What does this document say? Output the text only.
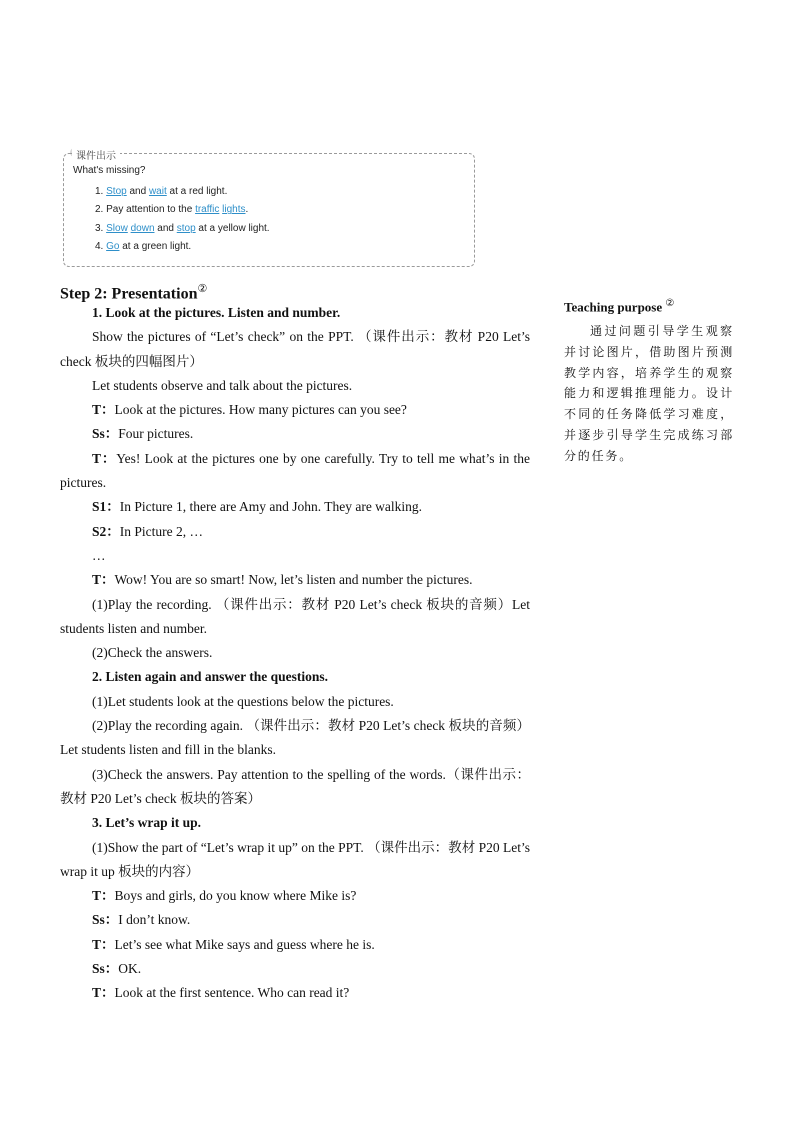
课件出示
What's missing?
1. Stop and wait at a red light.
2. Pay attention to the traffic lights.
3. Slow down and stop at a yellow light.
4. Go at a green light.
Step 2: Presentation②

1. Look at the pictures. Listen and number.

Show the pictures of “Let’s check” on the PPT. （课件出示：教材 P20 Let’s check 板块的四幅图片）

Let students observe and talk about the pictures.

T：Look at the pictures. How many pictures can you see?

Ss：Four pictures.

T：Yes! Look at the pictures one by one carefully. Try to tell me what’s in the pictures.

S1：In Picture 1, there are Amy and John. They are walking.

S2：In Picture 2, …

…

T：Wow! You are so smart! Now, let’s listen and number the pictures.

(1)Play the recording. （课件出示：教材 P20 Let’s check 板块的音频）Let students listen and number.

(2)Check the answers.

2. Listen again and answer the questions.

(1)Let students look at the questions below the pictures.

(2)Play the recording again. （课件出示：教材 P20 Let’s check 板块的音频） Let students listen and fill in the blanks.

(3)Check the answers. Pay attention to the spelling of the words.（课件出示：教材 P20 Let’s check 板块的答案）

3. Let’s wrap it up.

(1)Show the part of “Let’s wrap it up” on the PPT. （课件出示：教材 P20 Let’s wrap it up 板块的内容）

T：Boys and girls, do you know where Mike is?

Ss：I don’t know.

T：Let’s see what Mike says and guess where he is.

Ss：OK.

T：Look at the first sentence. Who can read it?

Teaching purpose ②

通过问题引导学生观察并讨论图片，借助图片预测教学内容，培养学生的观察能力和逻辑推理能力。设计不同的任务降低学习难度，并逐步引导学生完成练习部分的任务。
